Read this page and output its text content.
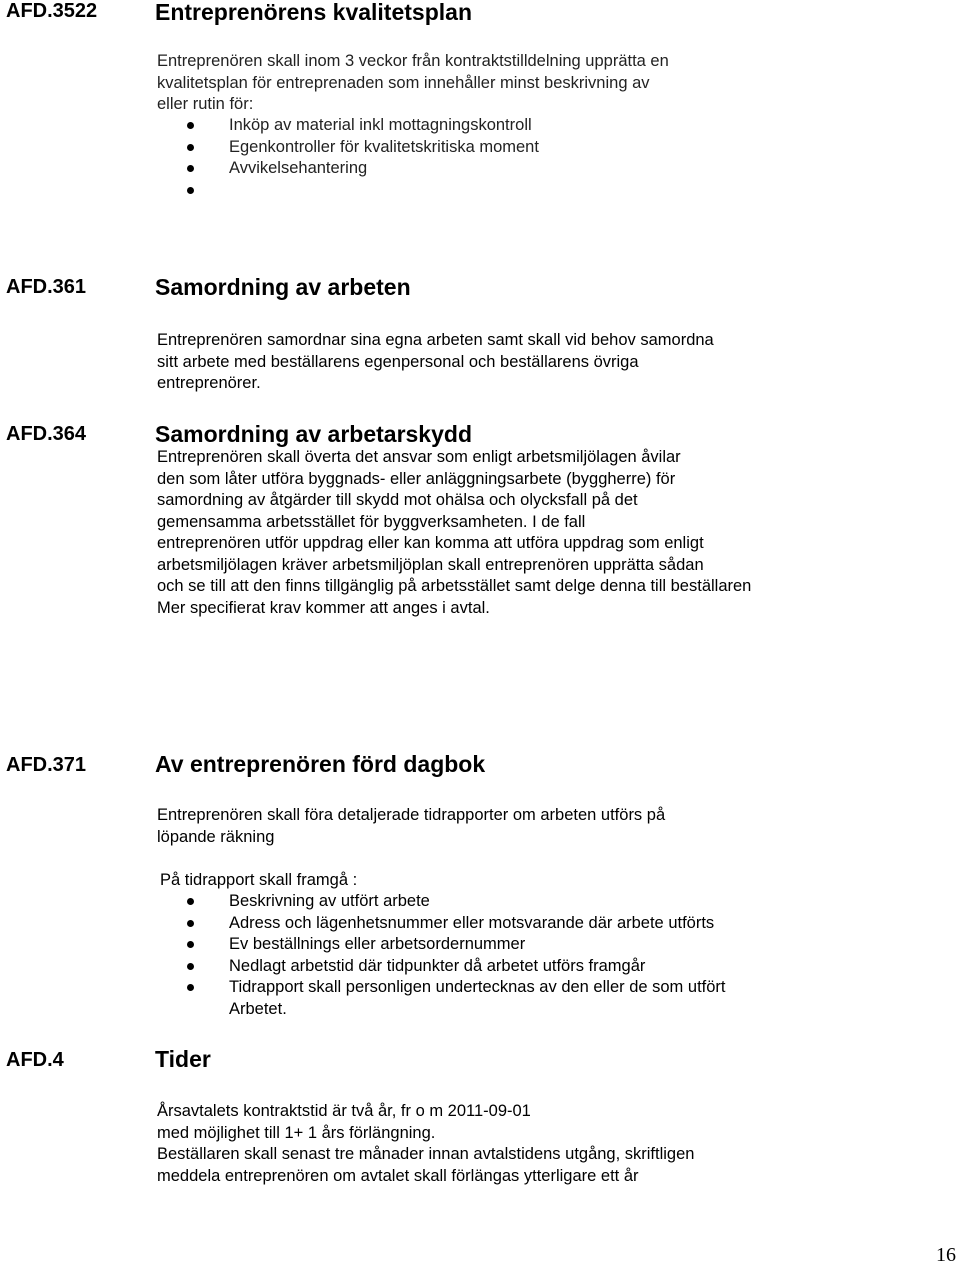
AFD.3522	Entreprenörens kvalitetsplan
Entreprenören skall inom 3 veckor från kontraktstilldelning upprätta en
kvalitetsplan för entreprenaden som innehåller minst beskrivning av
eller rutin för:
Inköp av material inkl mottagningskontroll
Egenkontroller för kvalitetskritiska moment
Avvikelsehantering
AFD.361	Samordning av arbeten
Entreprenören samordnar sina egna arbeten samt skall vid behov samordna
sitt arbete med beställarens egenpersonal och beställarens övriga
entreprenörer.
AFD.364	Samordning av arbetarskydd
Entreprenören skall överta det ansvar som enligt arbetsmiljölagen åvilar
den som låter utföra byggnads- eller anläggningsarbete (byggherre) för
samordning av åtgärder till skydd mot ohälsa och olycksfall på det
gemensamma arbetsstället för byggverksamheten. I de fall
entreprenören utför uppdrag eller kan komma att utföra uppdrag som enligt
arbetsmiljölagen kräver arbetsmiljöplan skall entreprenören upprätta sådan
och se till att den finns tillgänglig på arbetsstället samt delge denna till beställaren
Mer specifierat krav kommer att anges i avtal.
AFD.371	Av entreprenören förd dagbok
Entreprenören skall föra detaljerade tidrapporter om arbeten utförs på
löpande räkning
På tidrapport skall framgå :
Beskrivning av utfört arbete
Adress och lägenhetsnummer eller motsvarande där arbete utförts
Ev beställnings eller arbetsordernummer
Nedlagt arbetstid där tidpunkter då arbetet utförs framgår
Tidrapport skall personligen undertecknas av den eller de som utfört
Arbetet.
AFD.4	Tider
Årsavtalets kontraktstid är två år, fr o m 2011-09-01
med möjlighet till 1+ 1 års förlängning.
Beställaren skall senast tre månader innan avtalstidens utgång, skriftligen
meddela entreprenören om avtalet skall förlängas ytterligare ett år
16
